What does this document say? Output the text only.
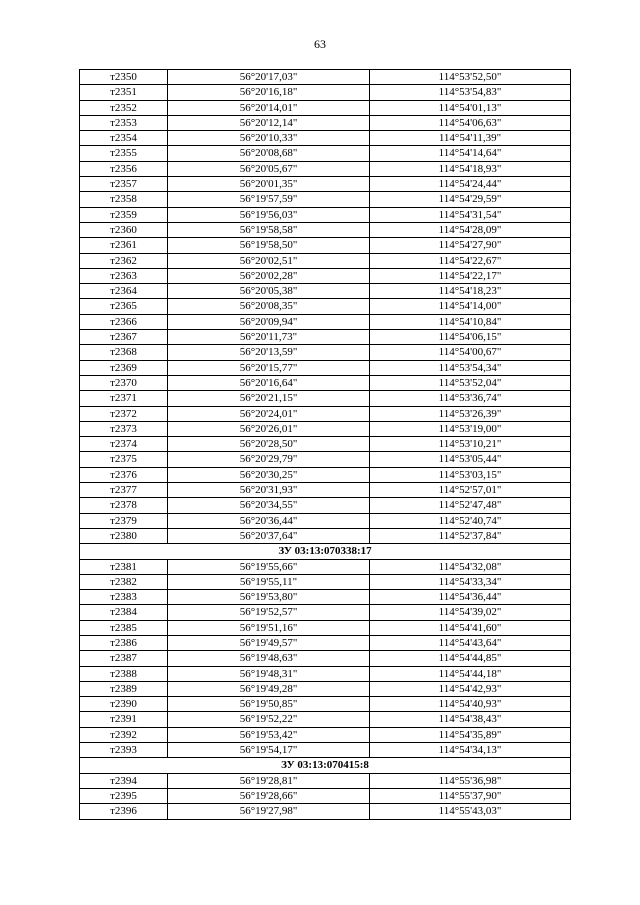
63
т2350	56°20'17,03"	114°53'52,50"
т2351	56°20'16,18"	114°53'54,83"
т2352	56°20'14,01"	114°54'01,13"
т2353	56°20'12,14"	114°54'06,63"
т2354	56°20'10,33"	114°54'11,39"
т2355	56°20'08,68"	114°54'14,64"
т2356	56°20'05,67"	114°54'18,93"
т2357	56°20'01,35"	114°54'24,44"
т2358	56°19'57,59"	114°54'29,59"
т2359	56°19'56,03"	114°54'31,54"
т2360	56°19'58,58"	114°54'28,09"
т2361	56°19'58,50"	114°54'27,90"
т2362	56°20'02,51"	114°54'22,67"
т2363	56°20'02,28"	114°54'22,17"
т2364	56°20'05,38"	114°54'18,23"
т2365	56°20'08,35"	114°54'14,00"
т2366	56°20'09,94"	114°54'10,84"
т2367	56°20'11,73"	114°54'06,15"
т2368	56°20'13,59"	114°54'00,67"
т2369	56°20'15,77"	114°53'54,34"
т2370	56°20'16,64"	114°53'52,04"
т2371	56°20'21,15"	114°53'36,74"
т2372	56°20'24,01"	114°53'26,39"
т2373	56°20'26,01"	114°53'19,00"
т2374	56°20'28,50"	114°53'10,21"
т2375	56°20'29,79"	114°53'05,44"
т2376	56°20'30,25"	114°53'03,15"
т2377	56°20'31,93"	114°52'57,01"
т2378	56°20'34,55"	114°52'47,48"
т2379	56°20'36,44"	114°52'40,74"
т2380	56°20'37,64"	114°52'37,84"
ЗУ 03:13:070338:17		
т2381	56°19'55,66"	114°54'32,08"
т2382	56°19'55,11"	114°54'33,34"
т2383	56°19'53,80"	114°54'36,44"
т2384	56°19'52,57"	114°54'39,02"
т2385	56°19'51,16"	114°54'41,60"
т2386	56°19'49,57"	114°54'43,64"
т2387	56°19'48,63"	114°54'44,85"
т2388	56°19'48,31"	114°54'44,18"
т2389	56°19'49,28"	114°54'42,93"
т2390	56°19'50,85"	114°54'40,93"
т2391	56°19'52,22"	114°54'38,43"
т2392	56°19'53,42"	114°54'35,89"
т2393	56°19'54,17"	114°54'34,13"
ЗУ 03:13:070415:8		
т2394	56°19'28,81"	114°55'36,98"
т2395	56°19'28,66"	114°55'37,90"
т2396	56°19'27,98"	114°55'43,03"
